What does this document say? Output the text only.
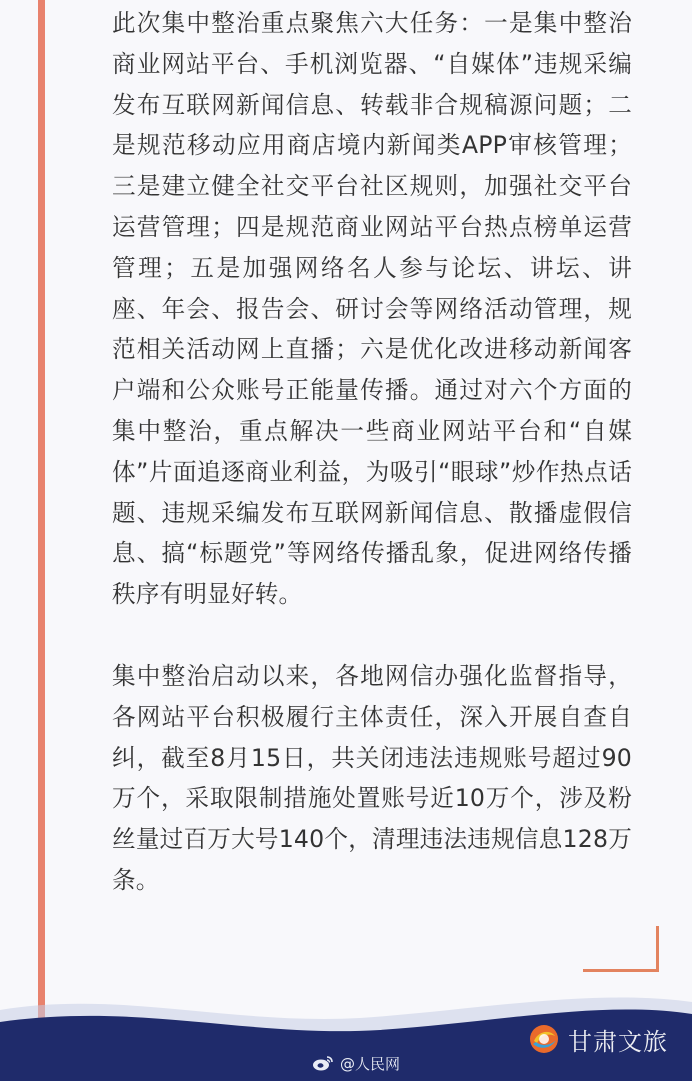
此次集中整治重点聚焦六大任务：一是集中整治商业网站平台、手机浏览器、“自媒体”违规采编发布互联网新闻信息、转载非合规稿源问题；二是规范移动应用商店境内新闻类APP审核管理；三是建立健全社交平台社区规则，加强社交平台运营管理；四是规范商业网站平台热点榜单运营管理；五是加强网络名人参与论坛、讲坛、讲座、年会、报告会、研讨会等网络活动管理，规范相关活动网上直播；六是优化改进移动新闻客户端和公众账号正能量传播。通过对六个方面的集中整治，重点解决一些商业网站平台和“自媒体”片面追逐商业利益，为吸引“眼球”炒作热点话题、违规采编发布互联网新闻信息、散播虚假信息、搞“标题党”等网络传播乱象，促进网络传播秩序有明显好转。

集中整治启动以来，各地网信办强化监督指导，各网站平台积极履行主体责任，深入开展自查自纠，截至8月15日，共关闭违法违规账号超过90万个，采取限制措施处置账号近10万个，涉及粉丝量过百万大号140个，清理违法违规信息128万条。

甘肃文旅
@人民网
